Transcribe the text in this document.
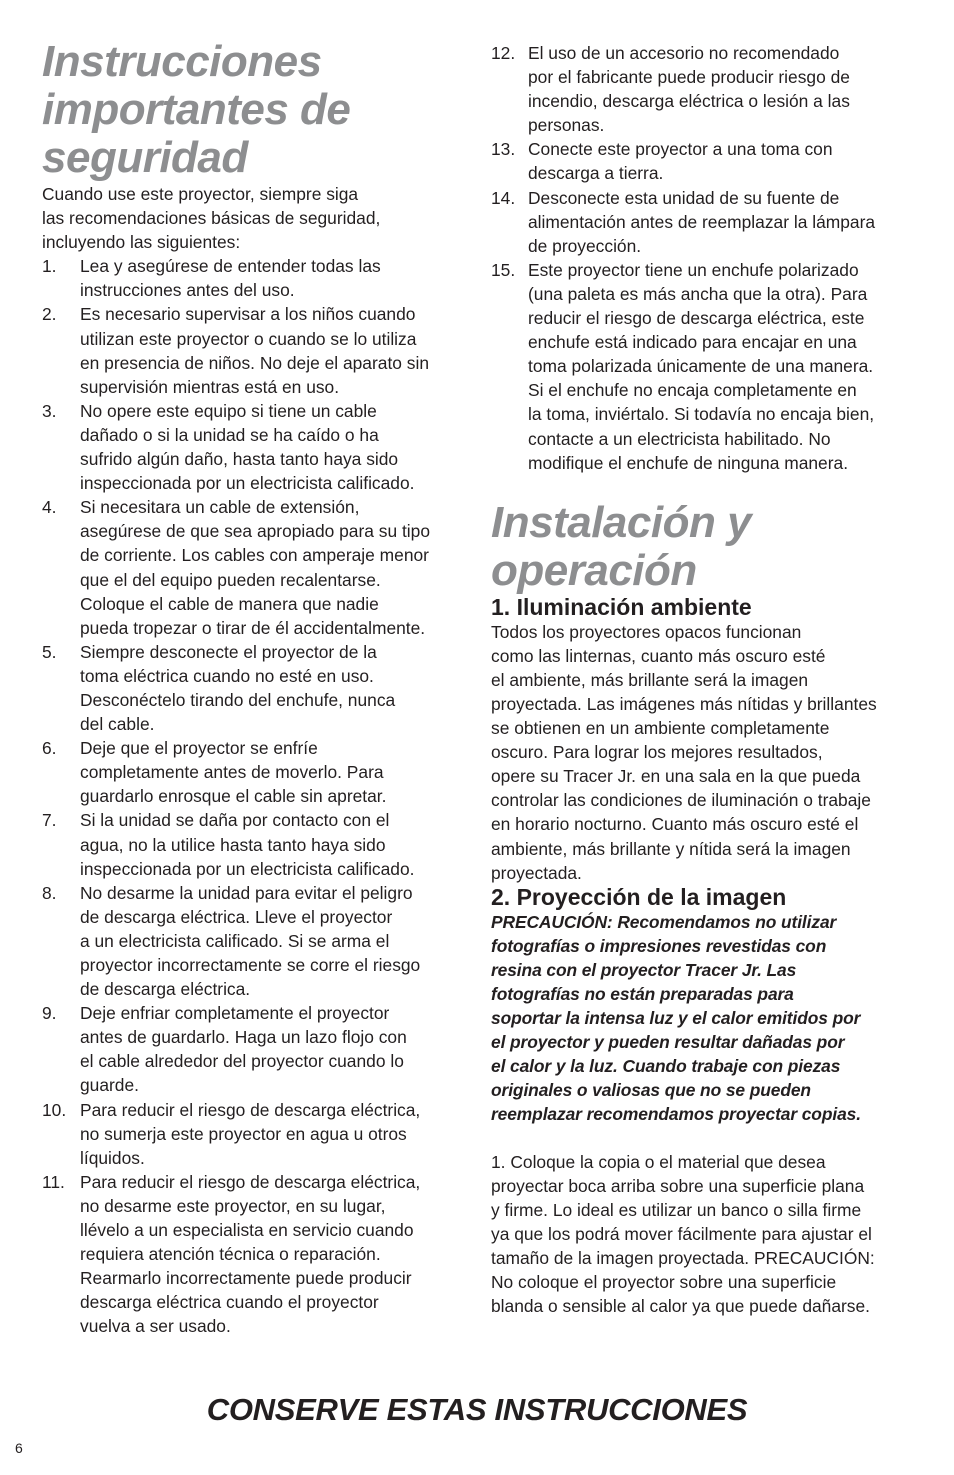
Instrucciones
importantes de
seguridad

Cuando use este proyector, siempre siga
las recomendaciones básicas de seguridad,
incluyendo las siguientes:

1.	Lea y asegúrese de entender todas las
instrucciones antes del uso.
2.	Es necesario supervisar a los niños cuando
utilizan este proyector o cuando se lo utiliza
en presencia de niños. No deje el aparato sin
supervisión mientras está en uso.
3.	No opere este equipo si tiene un cable
dañado o si la unidad se ha caído o ha
sufrido algún daño, hasta tanto haya sido
inspeccionada por un electricista calificado.
4.	Si necesitara un cable de extensión,
asegúrese de que sea apropiado para su tipo
de corriente. Los cables con amperaje menor
que el del equipo pueden recalentarse.
Coloque el cable de manera que nadie
pueda tropezar o tirar de él accidentalmente.
5.	Siempre desconecte el proyector de la
toma eléctrica cuando no esté en uso.
Desconéctelo tirando del enchufe, nunca
del cable.
6.	Deje que el proyector se enfríe
completamente antes de moverlo. Para
guardarlo enrosque el cable sin apretar.
7.	Si la unidad se daña por contacto con el
agua, no la utilice hasta tanto haya sido
inspeccionada por un electricista calificado.
8.	No desarme la unidad para evitar el peligro
de descarga eléctrica. Lleve el proyector
a un electricista calificado. Si se arma el
proyector incorrectamente se corre el riesgo
de descarga eléctrica.
9.	Deje enfriar completamente el proyector
antes de guardarlo. Haga un lazo flojo con
el cable alrededor del proyector cuando lo
guarde.
10. Para reducir el riesgo de descarga eléctrica,
no sumerja este proyector en agua u otros
líquidos.
11. Para reducir el riesgo de descarga eléctrica,
no desarme este proyector, en su lugar,
llévelo a un especialista en servicio cuando
requiera atención técnica o reparación.
Rearmarlo incorrectamente puede producir
descarga eléctrica cuando el proyector
vuelva a ser usado.
12. El uso de un accesorio no recomendado
por el fabricante puede producir riesgo de
incendio, descarga eléctrica o lesión a las
personas.
13. Conecte este proyector a una toma con
descarga a tierra.
14. Desconecte esta unidad de su fuente de
alimentación antes de reemplazar la lámpara
de proyección.
15. Este proyector tiene un enchufe polarizado
(una paleta es más ancha que la otra). Para
reducir el riesgo de descarga eléctrica, este
enchufe está indicado para encajar en una
toma polarizada únicamente de una manera.
Si el enchufe no encaja completamente en
la toma, inviértalo. Si todavía no encaja bien,
contacte a un electricista habilitado. No
modifique el enchufe de ninguna manera.
Instalación y
operación
1. Iluminación ambiente

Todos los proyectores opacos funcionan
como las linternas, cuanto más oscuro esté
el ambiente, más brillante será la imagen
proyectada. Las imágenes más nítidas y brillantes
se obtienen en un ambiente completamente
oscuro. Para lograr los mejores resultados,
opere su Tracer Jr. en una sala en la que pueda
controlar las condiciones de iluminación o trabaje
en horario nocturno. Cuanto más oscuro esté el
ambiente, más brillante y nítida será la imagen
proyectada.

2. Proyección de la imagen

PRECAUCIÓN: Recomendamos no utilizar
fotografías o impresiones revestidas con
resina con el proyector Tracer Jr. Las
fotografías no están preparadas para
soportar la intensa luz y el calor emitidos por
el proyector y pueden resultar dañadas por
el calor y la luz. Cuando trabaje con piezas
originales o valiosas que no se pueden
reemplazar recomendamos proyectar copias.

1. Coloque la copia o el material que desea
proyectar boca arriba sobre una superficie plana
y firme. Lo ideal es utilizar un banco o silla firme
ya que los podrá mover fácilmente para ajustar el
tamaño de la imagen proyectada. PRECAUCIÓN:
No coloque el proyector sobre una superficie
blanda o sensible al calor ya que puede dañarse.

CONSERVE ESTAS INSTRUCCIONES
6
